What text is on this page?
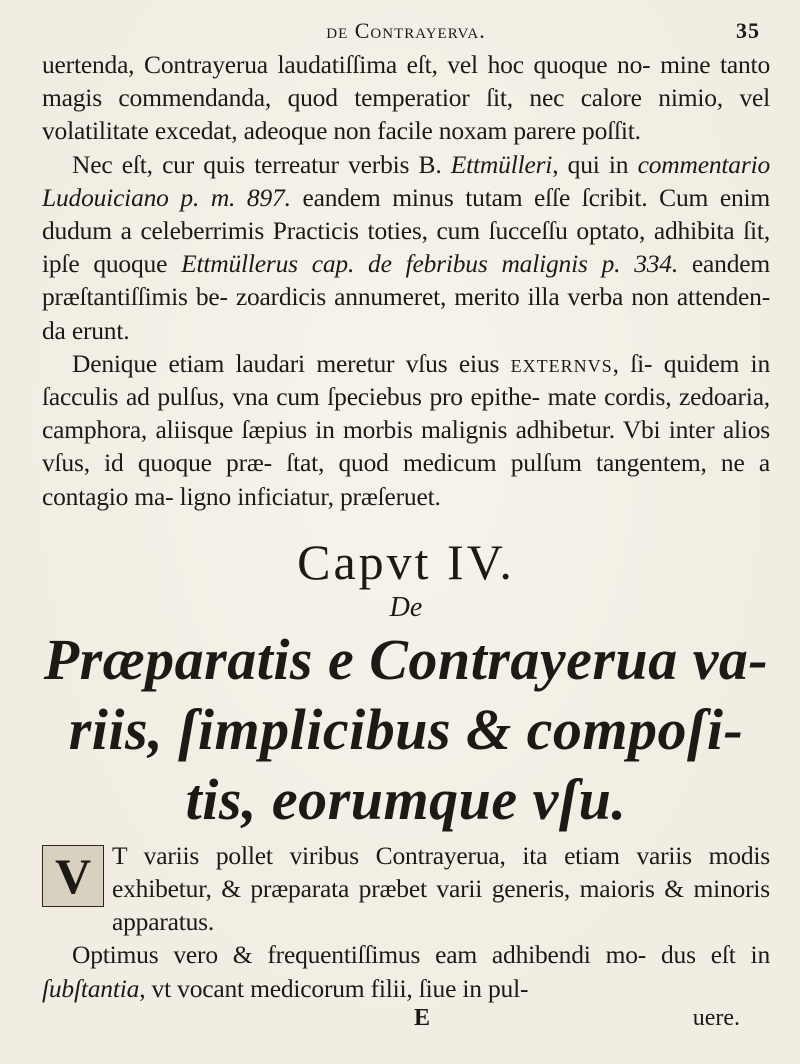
de Contrayerva.	35

uertenda, Contrayerua laudatiſſima eſt, vel hoc quoque no- mine tanto magis commendanda, quod temperatior ſit, nec calore nimio, vel volatilitate excedat, adeoque non facile noxam parere poſſit.

Nec eſt, cur quis terreatur verbis B. Ettmülleri, qui in commentario Ludouiciano p. m. 897. eandem minus tutam eſſe ſcribit. Cum enim dudum a celeberrimis Practicis toties, cum ſucceſſu optato, adhibita ſit, ipſe quoque Ettmüllerus cap. de febribus malignis p. 334. eandem præſtantiſſimis be- zoardicis annumeret, merito illa verba non attenden- da erunt.

Denique etiam laudari meretur vſus eius externvs, ſi- quidem in ſacculis ad pulſus, vna cum ſpeciebus pro epithe- mate cordis, zedoaria, camphora, aliisque ſæpius in morbis malignis adhibetur. Vbi inter alios vſus, id quoque præ- ſtat, quod medicum pulſum tangentem, ne a contagio ma- ligno inficiatur, præſeruet.

Capvt IV.
De
Præparatis e Contrayerua va-
riis, ſimplicibus & compoſi-
tis, eorumque vſu.

V T variis pollet viribus Contrayerua, ita etiam variis modis exhibetur, & præparata præbet varii generis, maioris & minoris apparatus.

Optimus vero & frequentiſſimus eam adhibendi mo- dus eſt in ſubſtantia, vt vocant medicorum filii, ſiue in pul-

E	uere.
